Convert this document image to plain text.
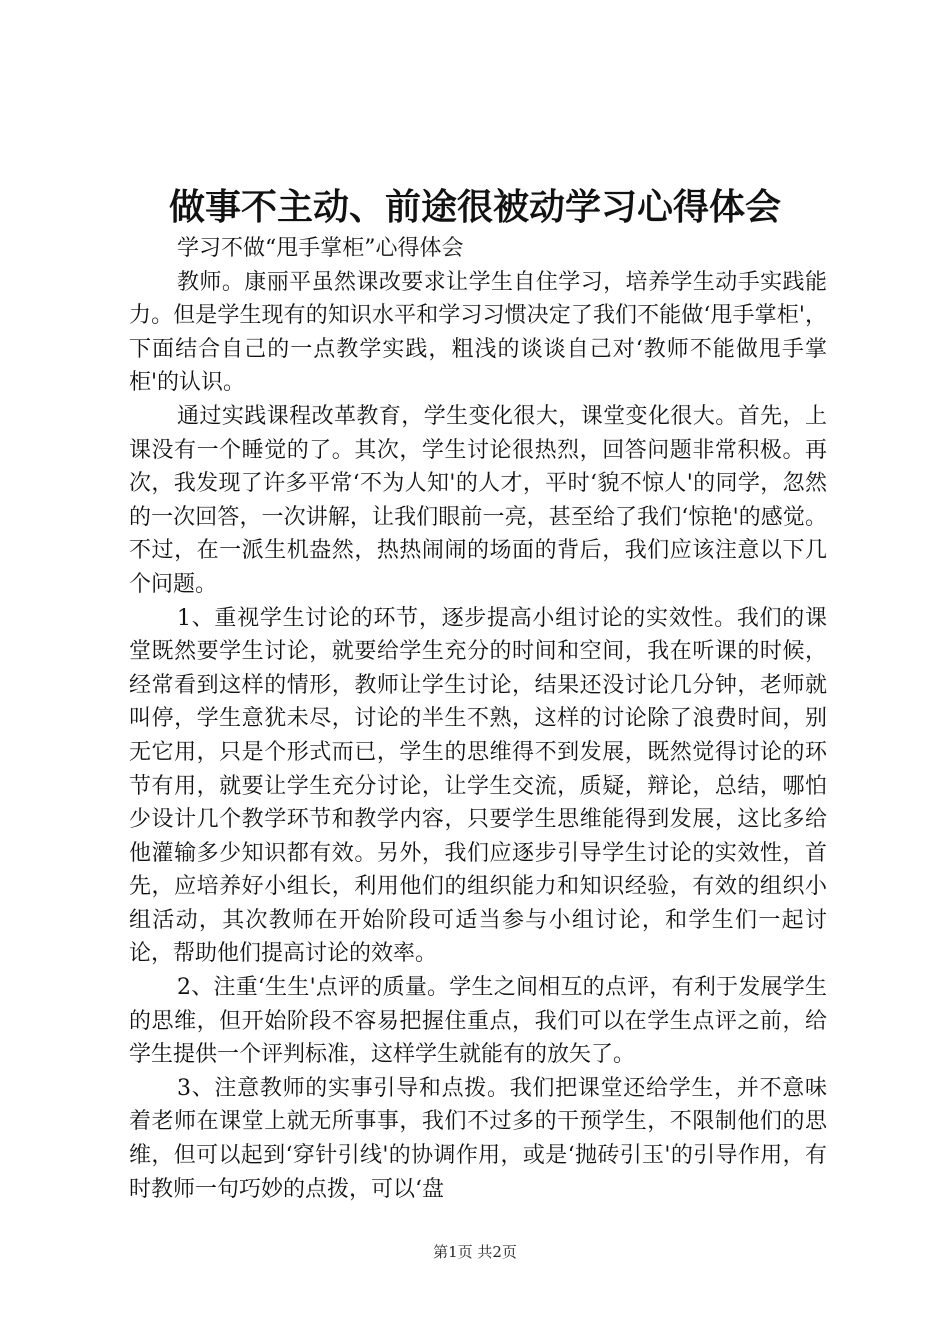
做事不主动、前途很被动学习心得体会

学习不做“甩手掌柜”心得体会

教师。康丽平虽然课改要求让学生自住学习，培养学生动手实践能力。但是学生现有的知识水平和学习习惯决定了我们不能做‘甩手掌柜'，下面结合自己的一点教学实践，粗浅的谈谈自己对‘教师不能做甩手掌柜'的认识。

通过实践课程改革教育，学生变化很大，课堂变化很大。首先，上课没有一个睡觉的了。其次，学生讨论很热烈，回答问题非常积极。再次，我发现了许多平常‘不为人知'的人才，平时‘貌不惊人'的同学，忽然的一次回答，一次讲解，让我们眼前一亮，甚至给了我们‘惊艳'的感觉。不过，在一派生机盎然，热热闹闹的场面的背后，我们应该注意以下几个问题。

1、重视学生讨论的环节，逐步提高小组讨论的实效性。我们的课堂既然要学生讨论，就要给学生充分的时间和空间，我在听课的时候，经常看到这样的情形，教师让学生讨论，结果还没讨论几分钟，老师就叫停，学生意犹未尽，讨论的半生不熟，这样的讨论除了浪费时间，别无它用，只是个形式而已，学生的思维得不到发展，既然觉得讨论的环节有用，就要让学生充分讨论，让学生交流，质疑，辩论，总结，哪怕少设计几个教学环节和教学内容，只要学生思维能得到发展，这比多给他灌输多少知识都有效。另外，我们应逐步引导学生讨论的实效性，首先，应培养好小组长，利用他们的组织能力和知识经验，有效的组织小组活动，其次教师在开始阶段可适当参与小组讨论，和学生们一起讨论，帮助他们提高讨论的效率。

2、注重‘生生'点评的质量。学生之间相互的点评，有利于发展学生的思维，但开始阶段不容易把握住重点，我们可以在学生点评之前，给学生提供一个评判标准，这样学生就能有的放矢了。

3、注意教师的实事引导和点拨。我们把课堂还给学生，并不意味着老师在课堂上就无所事事，我们不过多的干预学生，不限制他们的思维，但可以起到‘穿针引线'的协调作用，或是‘抛砖引玉'的引导作用，有时教师一句巧妙的点拨，可以‘盘

第1页 共2页
